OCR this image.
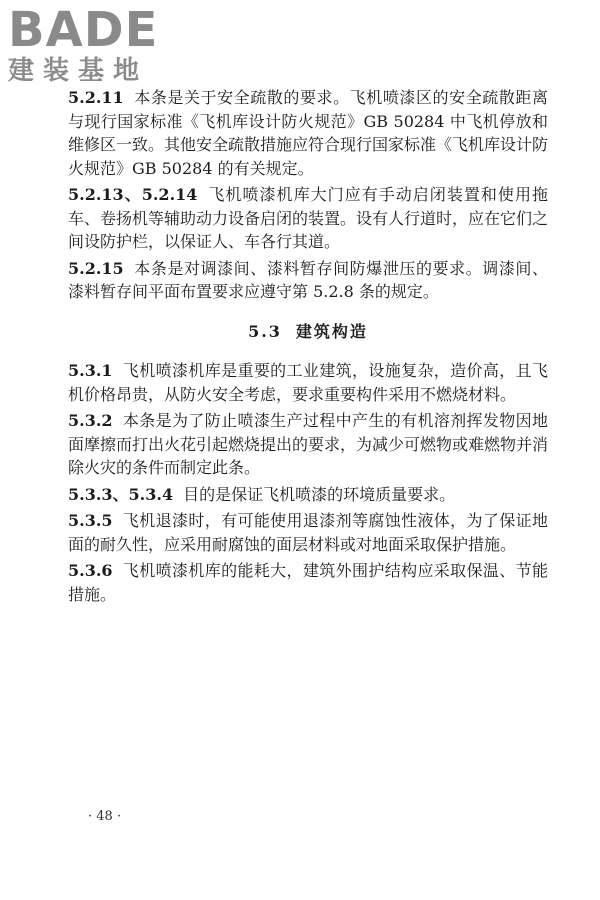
BADE
建装基地

5.2.11 本条是关于安全疏散的要求。飞机喷漆区的安全疏散距离与现行国家标准《飞机库设计防火规范》GB 50284 中飞机停放和维修区一致。其他安全疏散措施应符合现行国家标准《飞机库设计防火规范》GB 50284 的有关规定。

5.2.13、5.2.14 飞机喷漆机库大门应有手动启闭装置和使用拖车、卷扬机等辅助动力设备启闭的装置。设有人行道时，应在它们之间设防护栏，以保证人、车各行其道。

5.2.15 本条是对调漆间、漆料暂存间防爆泄压的要求。调漆间、漆料暂存间平面布置要求应遵守第 5.2.8 条的规定。

5.3 建筑构造

5.3.1 飞机喷漆机库是重要的工业建筑，设施复杂，造价高，且飞机价格昂贵，从防火安全考虑，要求重要构件采用不燃烧材料。

5.3.2 本条是为了防止喷漆生产过程中产生的有机溶剂挥发物因地面摩擦而打出火花引起燃烧提出的要求，为减少可燃物或难燃物并消除火灾的条件而制定此条。

5.3.3、5.3.4 目的是保证飞机喷漆的环境质量要求。

5.3.5 飞机退漆时，有可能使用退漆剂等腐蚀性液体，为了保证地面的耐久性，应采用耐腐蚀的面层材料或对地面采取保护措施。

5.3.6 飞机喷漆机库的能耗大，建筑外围护结构应采取保温、节能措施。

· 48 ·
